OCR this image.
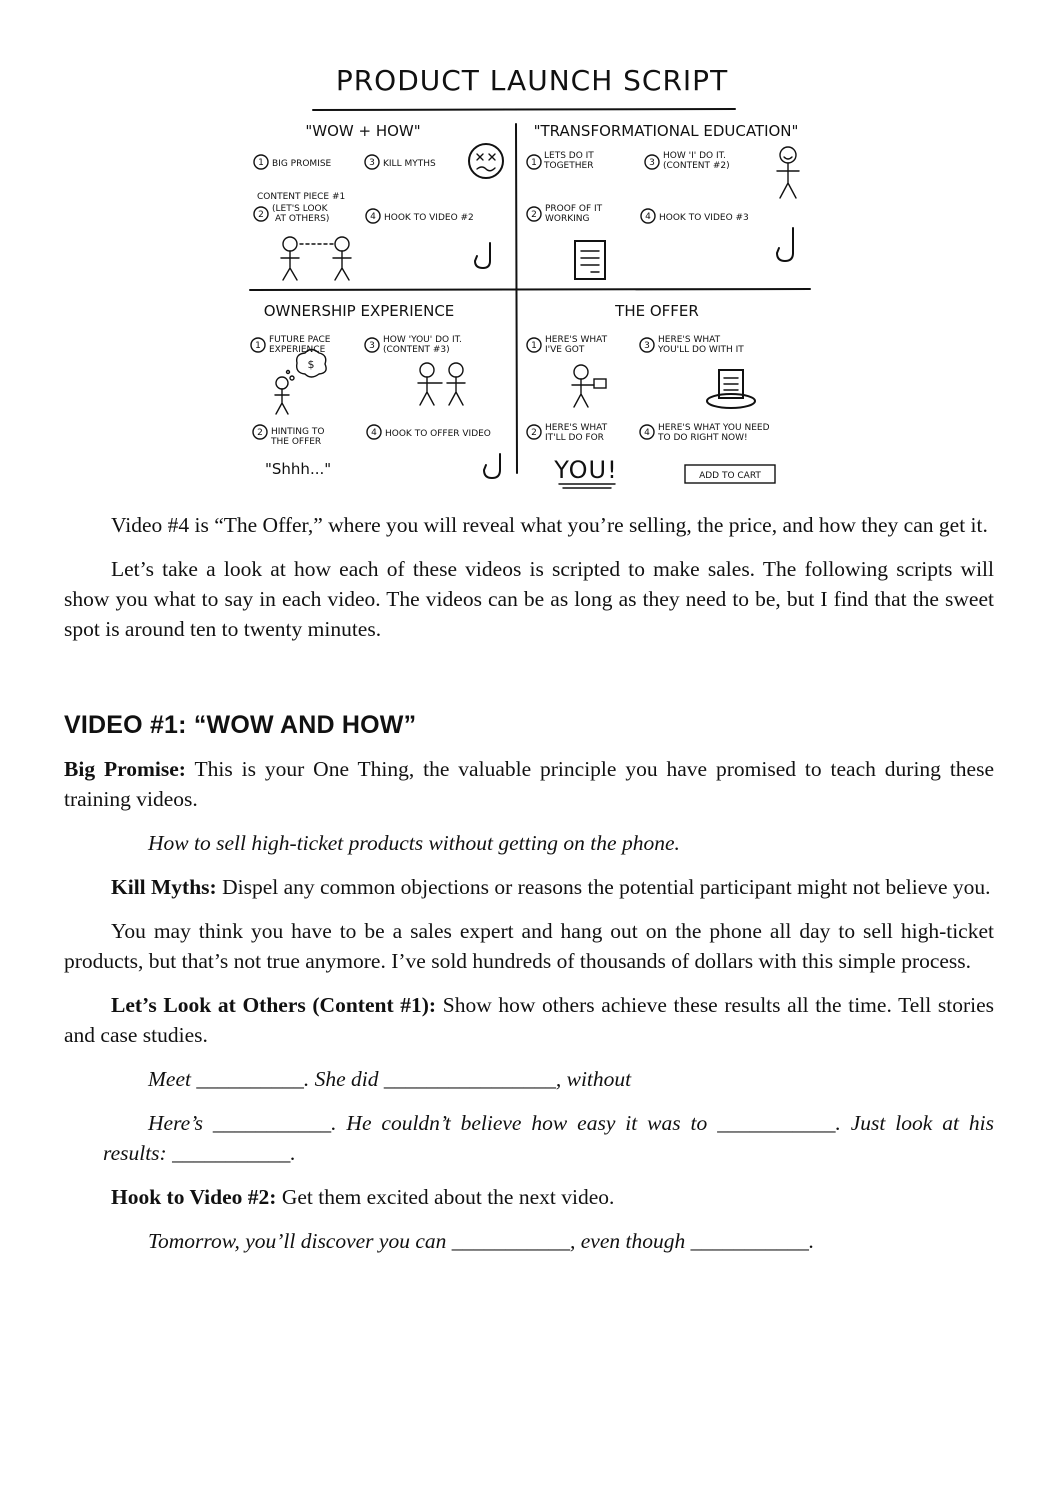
PRODUCT LAUNCH SCRIPT
"WOW + HOW"
1 BIG PROMISE	3 KILL MYTHS
CONTENT PIECE #1
2
(LET'S LOOK
AT OTHERS)	4 HOOK TO VIDEO #2
"TRANSFORMATIONAL EDUCATION"
1
LETS DO IT
TOGETHER	3
HOW 'I' DO IT.
(CONTENT #2)
2
PROOF OF IT
WORKING	4 HOOK TO VIDEO #3
OWNERSHIP EXPERIENCE
1
FUTURE PACE
EXPERIENCE	3
HOW 'YOU' DO IT.
(CONTENT #3)
$
2 HINTING TO
THE OFFER
4 HOOK TO OFFER VIDEO
"Shhh..."
THE OFFER
1
HERE'S WHAT
I'VE GOT	3
HERE'S WHAT
YOU'LL DO WITH IT
2 HERE'S WHAT
IT'LL DO FOR	4 HERE'S WHAT YOU NEED
TO DO RIGHT NOW!
YOU!	ADD TO CART

Video #4 is “The Offer,” where you will reveal what you’re selling, the price, and how they can get it.

Let’s take a look at how each of these videos is scripted to make sales. The following scripts will show you what to say in each video. The videos can be as long as they need to be, but I find that the sweet spot is around ten to twenty minutes.

VIDEO #1: “WOW AND HOW”

Big Promise: This is your One Thing, the valuable principle you have promised to teach during these training videos.

How to sell high-ticket products without getting on the phone.

Kill Myths: Dispel any common objections or reasons the potential participant might not believe you.

You may think you have to be a sales expert and hang out on the phone all day to sell high-ticket products, but that’s not true anymore. I’ve sold hundreds of thousands of dollars with this simple process.

Let’s Look at Others (Content #1): Show how others achieve these results all the time. Tell stories and case studies.

Meet __________. She did ________________, without

Here’s ___________. He couldn’t believe how easy it was to ___________. Just look at his results: ___________.

Hook to Video #2: Get them excited about the next video.

Tomorrow, you’ll discover you can ___________, even though ___________.
